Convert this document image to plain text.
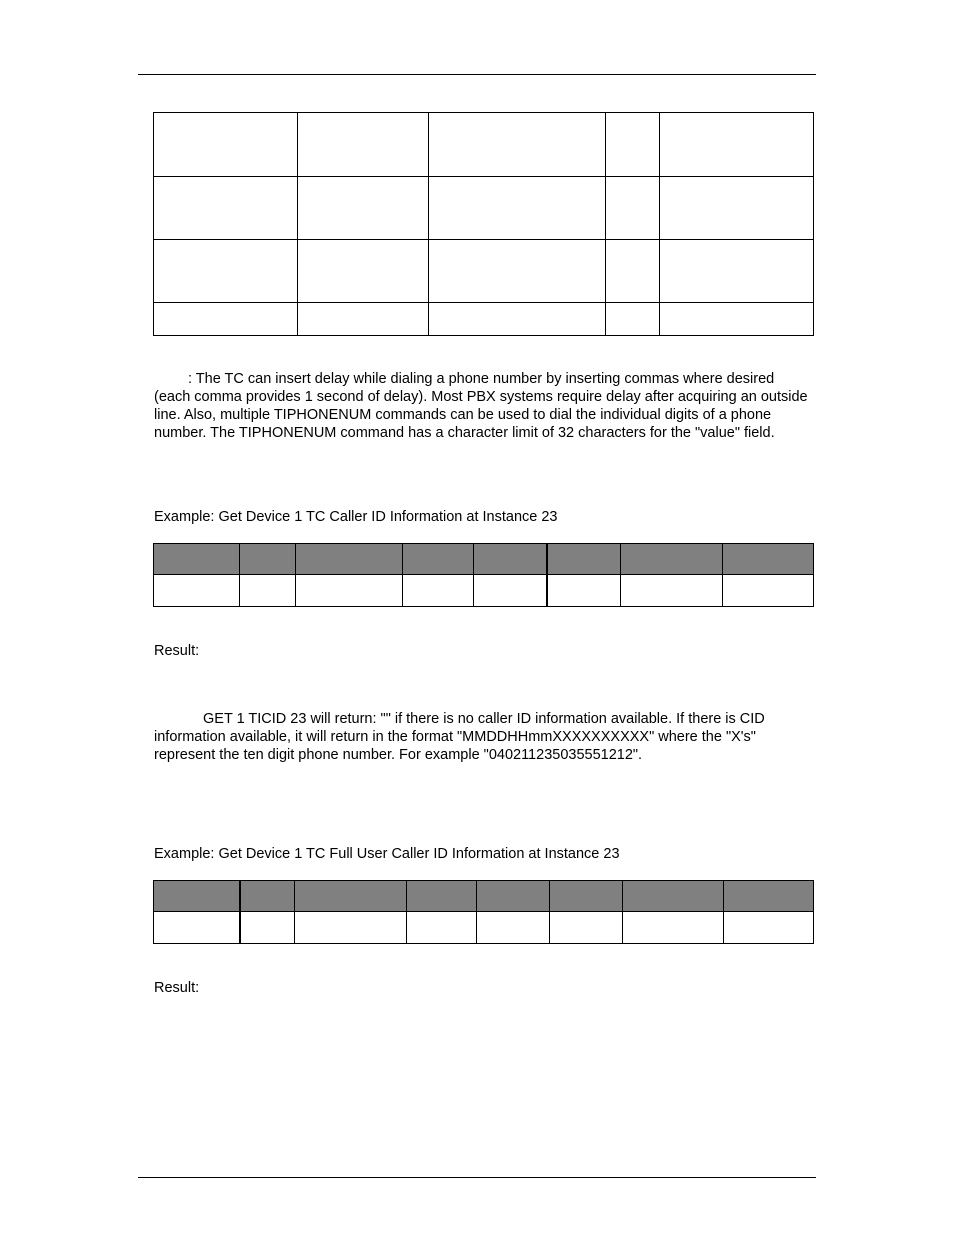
: The TC can insert delay while dialing a phone number by inserting commas where desired (each comma provides 1 second of delay). Most PBX systems require delay after acquiring an outside line. Also, multiple TIPHONENUM commands can be used to dial the individual digits of a phone number. The TIPHONENUM command has a character limit of 32 characters for the "value" field.
Example: Get Device 1 TC Caller ID Information at Instance 23

Result:
GET 1 TICID 23 will return: "" if there is no caller ID information available. If there is CID information available, it will return in the format "MMDDHHmmXXXXXXXXXX" where the "X's" represent the ten digit phone number. For example "040211235035551212".
Example: Get Device 1 TC Full User Caller ID Information at Instance 23

Result:
